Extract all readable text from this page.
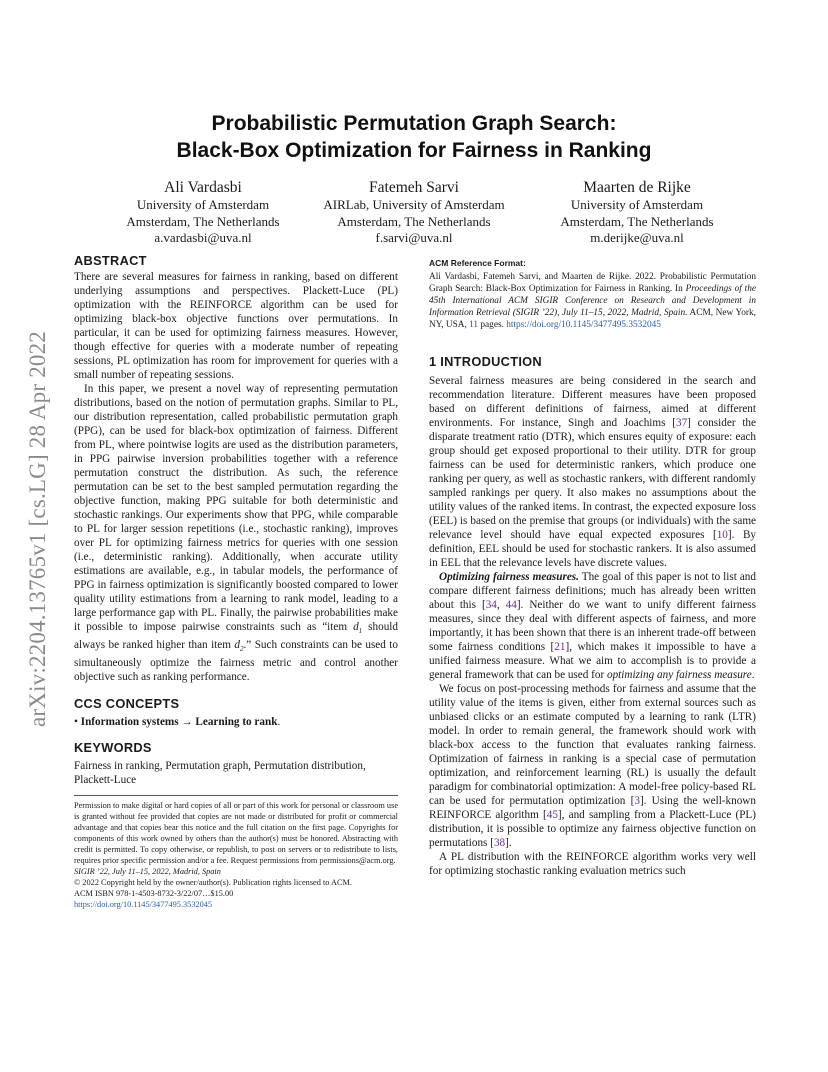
arXiv:2204.13765v1 [cs.LG] 28 Apr 2022
Probabilistic Permutation Graph Search:
Black-Box Optimization for Fairness in Ranking
Ali Vardasbi
University of Amsterdam
Amsterdam, The Netherlands
a.vardasbi@uva.nl
Fatemeh Sarvi
AIRLab, University of Amsterdam
Amsterdam, The Netherlands
f.sarvi@uva.nl
Maarten de Rijke
University of Amsterdam
Amsterdam, The Netherlands
m.derijke@uva.nl
ABSTRACT

There are several measures for fairness in ranking, based on different underlying assumptions and perspectives. Plackett-Luce (PL) optimization with the REINFORCE algorithm can be used for optimizing black-box objective functions over permutations. In particular, it can be used for optimizing fairness measures. However, though effective for queries with a moderate number of repeating sessions, PL optimization has room for improvement for queries with a small number of repeating sessions.

In this paper, we present a novel way of representing permutation distributions, based on the notion of permutation graphs. Similar to PL, our distribution representation, called probabilistic permutation graph (PPG), can be used for black-box optimization of fairness. Different from PL, where pointwise logits are used as the distribution parameters, in PPG pairwise inversion probabilities together with a reference permutation construct the distribution. As such, the reference permutation can be set to the best sampled permutation regarding the objective function, making PPG suitable for both deterministic and stochastic rankings. Our experiments show that PPG, while comparable to PL for larger session repetitions (i.e., stochastic ranking), improves over PL for optimizing fairness metrics for queries with one session (i.e., deterministic ranking). Additionally, when accurate utility estimations are available, e.g., in tabular models, the performance of PPG in fairness optimization is significantly boosted compared to lower quality utility estimations from a learning to rank model, leading to a large performance gap with PL. Finally, the pairwise probabilities make it possible to impose pairwise constraints such as “item $d_1$ should always be ranked higher than item $d_2$.” Such constraints can be used to simultaneously optimize the fairness metric and control another objective such as ranking performance.

CCS CONCEPTS

• Information systems → Learning to rank.

KEYWORDS

Fairness in ranking, Permutation graph, Permutation distribution, Plackett-Luce

Permission to make digital or hard copies of all or part of this work for personal or classroom use is granted without fee provided that copies are not made or distributed for profit or commercial advantage and that copies bear this notice and the full citation on the first page. Copyrights for components of this work owned by others than the author(s) must be honored. Abstracting with credit is permitted. To copy otherwise, or republish, to post on servers or to redistribute to lists, requires prior specific permission and/or a fee. Request permissions from permissions@acm.org.
SIGIR ’22, July 11–15, 2022, Madrid, Spain
© 2022 Copyright held by the owner/author(s). Publication rights licensed to ACM.
ACM ISBN 978-1-4503-8732-3/22/07…$15.00
https://doi.org/10.1145/3477495.3532045
ACM Reference Format:
Ali Vardasbi, Fatemeh Sarvi, and Maarten de Rijke. 2022. Probabilistic Permutation Graph Search: Black-Box Optimization for Fairness in Ranking. In Proceedings of the 45th International ACM SIGIR Conference on Research and Development in Information Retrieval (SIGIR ’22), July 11–15, 2022, Madrid, Spain. ACM, New York, NY, USA, 11 pages. https://doi.org/10.1145/3477495.3532045
1 INTRODUCTION

Several fairness measures are being considered in the search and recommendation literature. Different measures have been proposed based on different definitions of fairness, aimed at different environments. For instance, Singh and Joachims [37] consider the disparate treatment ratio (DTR), which ensures equity of exposure: each group should get exposed proportional to their utility. DTR for group fairness can be used for deterministic rankers, which produce one ranking per query, as well as stochastic rankers, with different randomly sampled rankings per query. It also makes no assumptions about the utility values of the ranked items. In contrast, the expected exposure loss (EEL) is based on the premise that groups (or individuals) with the same relevance level should have equal expected exposures [10]. By definition, EEL should be used for stochastic rankers. It is also assumed in EEL that the relevance levels have discrete values.

Optimizing fairness measures. The goal of this paper is not to list and compare different fairness definitions; much has already been written about this [34, 44]. Neither do we want to unify different fairness measures, since they deal with different aspects of fairness, and more importantly, it has been shown that there is an inherent trade-off between some fairness conditions [21], which makes it impossible to have a unified fairness measure. What we aim to accomplish is to provide a general framework that can be used for optimizing any fairness measure.

We focus on post-processing methods for fairness and assume that the utility value of the items is given, either from external sources such as unbiased clicks or an estimate computed by a learning to rank (LTR) model. In order to remain general, the framework should work with black-box access to the function that evaluates ranking fairness. Optimization of fairness in ranking is a special case of permutation optimization, and reinforcement learning (RL) is usually the default paradigm for combinatorial optimization: A model-free policy-based RL can be used for permutation optimization [3]. Using the well-known REINFORCE algorithm [45], and sampling from a Plackett-Luce (PL) distribution, it is possible to optimize any fairness objective function on permutations [38].

A PL distribution with the REINFORCE algorithm works very well for optimizing stochastic ranking evaluation metrics such
